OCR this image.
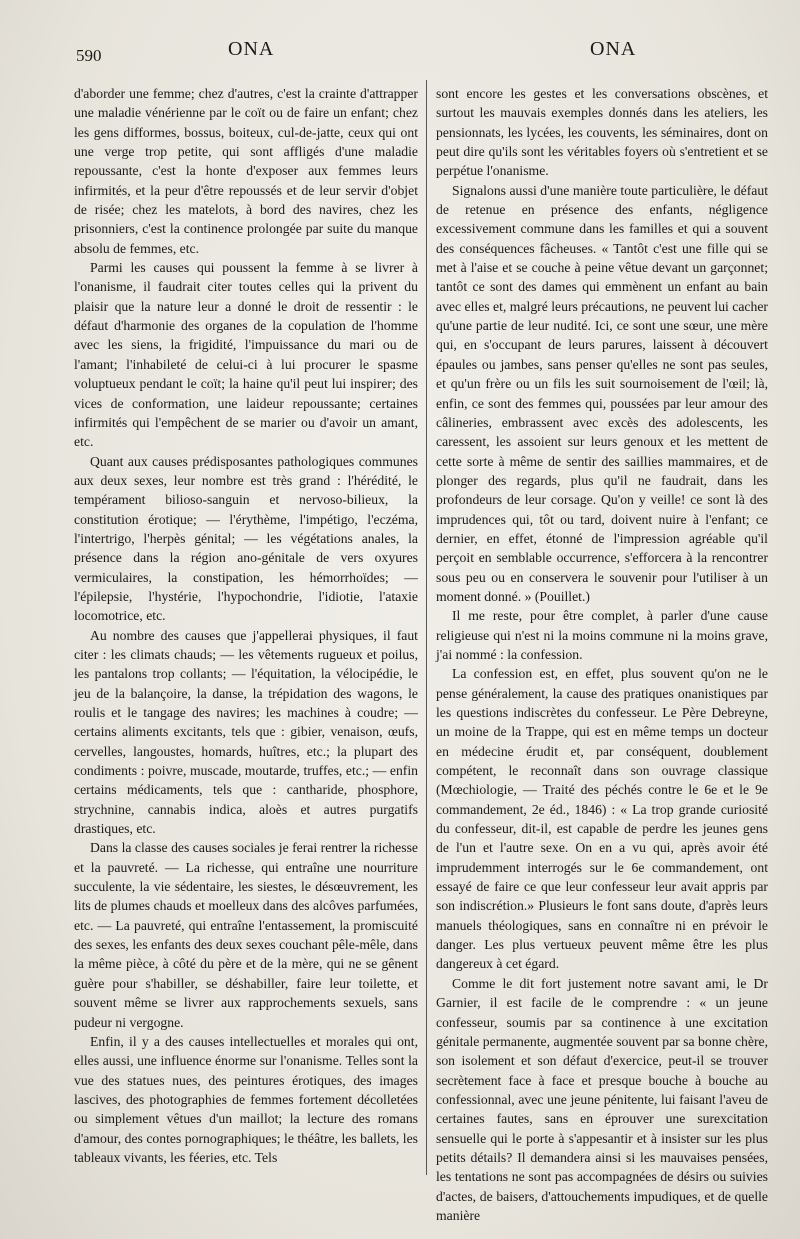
590	ONA	ONA

d'aborder une femme; chez d'autres, c'est la crainte d'attrapper une maladie vénérienne par le coït ou de faire un enfant; chez les gens difformes, bossus, boiteux, cul-de-jatte, ceux qui ont une verge trop petite, qui sont affligés d'une maladie repoussante, c'est la honte d'exposer aux femmes leurs infirmités, et la peur d'être repoussés et de leur servir d'objet de risée; chez les matelots, à bord des navires, chez les prisonniers, c'est la continence prolongée par suite du manque absolu de femmes, etc.

Parmi les causes qui poussent la femme à se livrer à l'onanisme, il faudrait citer toutes celles qui la privent du plaisir que la nature leur a donné le droit de ressentir : le défaut d'harmonie des organes de la copulation de l'homme avec les siens, la frigidité, l'impuissance du mari ou de l'amant; l'inhabileté de celui-ci à lui procurer le spasme voluptueux pendant le coït; la haine qu'il peut lui inspirer; des vices de conformation, une laideur repoussante; certaines infirmités qui l'empêchent de se marier ou d'avoir un amant, etc.

Quant aux causes prédisposantes pathologiques communes aux deux sexes, leur nombre est très grand : l'hérédité, le tempérament bilioso-sanguin et nervoso-bilieux, la constitution érotique; — l'érythème, l'impétigo, l'eczéma, l'intertrigo, l'herpès génital; — les végétations anales, la présence dans la région ano-génitale de vers oxyures vermiculaires, la constipation, les hémorrhoïdes; — l'épilepsie, l'hystérie, l'hypochondrie, l'idiotie, l'ataxie locomotrice, etc.

Au nombre des causes que j'appellerai physiques, il faut citer : les climats chauds; — les vêtements rugueux et poilus, les pantalons trop collants; — l'équitation, la vélocipédie, le jeu de la balançoire, la danse, la trépidation des wagons, le roulis et le tangage des navires; les machines à coudre; — certains aliments excitants, tels que : gibier, venaison, œufs, cervelles, langoustes, homards, huîtres, etc.; la plupart des condiments : poivre, muscade, moutarde, truffes, etc.; — enfin certains médicaments, tels que : cantharide, phosphore, strychnine, cannabis indica, aloès et autres purgatifs drastiques, etc.

Dans la classe des causes sociales je ferai rentrer la richesse et la pauvreté. — La richesse, qui entraîne une nourriture succulente, la vie sédentaire, les siestes, le désœuvrement, les lits de plumes chauds et moelleux dans des alcôves parfumées, etc. — La pauvreté, qui entraîne l'entassement, la promiscuité des sexes, les enfants des deux sexes couchant pêle-mêle, dans la même pièce, à côté du père et de la mère, qui ne se gênent guère pour s'habiller, se déshabiller, faire leur toilette, et souvent même se livrer aux rapprochements sexuels, sans pudeur ni vergogne.

Enfin, il y a des causes intellectuelles et morales qui ont, elles aussi, une influence énorme sur l'onanisme. Telles sont la vue des statues nues, des peintures érotiques, des images lascives, des photographies de femmes fortement décolletées ou simplement vêtues d'un maillot; la lecture des romans d'amour, des contes pornographiques; le théâtre, les ballets, les tableaux vivants, les féeries, etc. Tels

sont encore les gestes et les conversations obscènes, et surtout les mauvais exemples donnés dans les ateliers, les pensionnats, les lycées, les couvents, les séminaires, dont on peut dire qu'ils sont les véritables foyers où s'entretient et se perpétue l'onanisme.

Signalons aussi d'une manière toute particulière, le défaut de retenue en présence des enfants, négligence excessivement commune dans les familles et qui a souvent des conséquences fâcheuses. « Tantôt c'est une fille qui se met à l'aise et se couche à peine vêtue devant un garçonnet; tantôt ce sont des dames qui emmènent un enfant au bain avec elles et, malgré leurs précautions, ne peuvent lui cacher qu'une partie de leur nudité. Ici, ce sont une sœur, une mère qui, en s'occupant de leurs parures, laissent à découvert épaules ou jambes, sans penser qu'elles ne sont pas seules, et qu'un frère ou un fils les suit sournoisement de l'œil; là, enfin, ce sont des femmes qui, poussées par leur amour des câlineries, embrassent avec excès des adolescents, les caressent, les assoient sur leurs genoux et les mettent de cette sorte à même de sentir des saillies mammaires, et de plonger des regards, plus qu'il ne faudrait, dans les profondeurs de leur corsage. Qu'on y veille! ce sont là des imprudences qui, tôt ou tard, doivent nuire à l'enfant; ce dernier, en effet, étonné de l'impression agréable qu'il perçoit en semblable occurrence, s'efforcera à la rencontrer sous peu ou en conservera le souvenir pour l'utiliser à un moment donné. » (Pouillet.)

Il me reste, pour être complet, à parler d'une cause religieuse qui n'est ni la moins commune ni la moins grave, j'ai nommé : la confession.

La confession est, en effet, plus souvent qu'on ne le pense généralement, la cause des pratiques onanistiques par les questions indiscrètes du confesseur. Le Père Debreyne, un moine de la Trappe, qui est en même temps un docteur en médecine érudit et, par conséquent, doublement compétent, le reconnaît dans son ouvrage classique (Mœchiologie, — Traité des péchés contre le 6e et le 9e commandement, 2e éd., 1846) : « La trop grande curiosité du confesseur, dit-il, est capable de perdre les jeunes gens de l'un et l'autre sexe. On en a vu qui, après avoir été imprudemment interrogés sur le 6e commandement, ont essayé de faire ce que leur confesseur leur avait appris par son indiscrétion.» Plusieurs le font sans doute, d'après leurs manuels théologiques, sans en connaître ni en prévoir le danger. Les plus vertueux peuvent même être les plus dangereux à cet égard.

Comme le dit fort justement notre savant ami, le Dr Garnier, il est facile de le comprendre : « un jeune confesseur, soumis par sa continence à une excitation génitale permanente, augmentée souvent par sa bonne chère, son isolement et son défaut d'exercice, peut-il se trouver secrètement face à face et presque bouche à bouche au confessionnal, avec une jeune pénitente, lui faisant l'aveu de certaines fautes, sans en éprouver une surexcitation sensuelle qui le porte à s'appesantir et à insister sur les plus petits détails? Il demandera ainsi si les mauvaises pensées, les tentations ne sont pas accompagnées de désirs ou suivies d'actes, de baisers, d'attouchements impudiques, et de quelle manière
